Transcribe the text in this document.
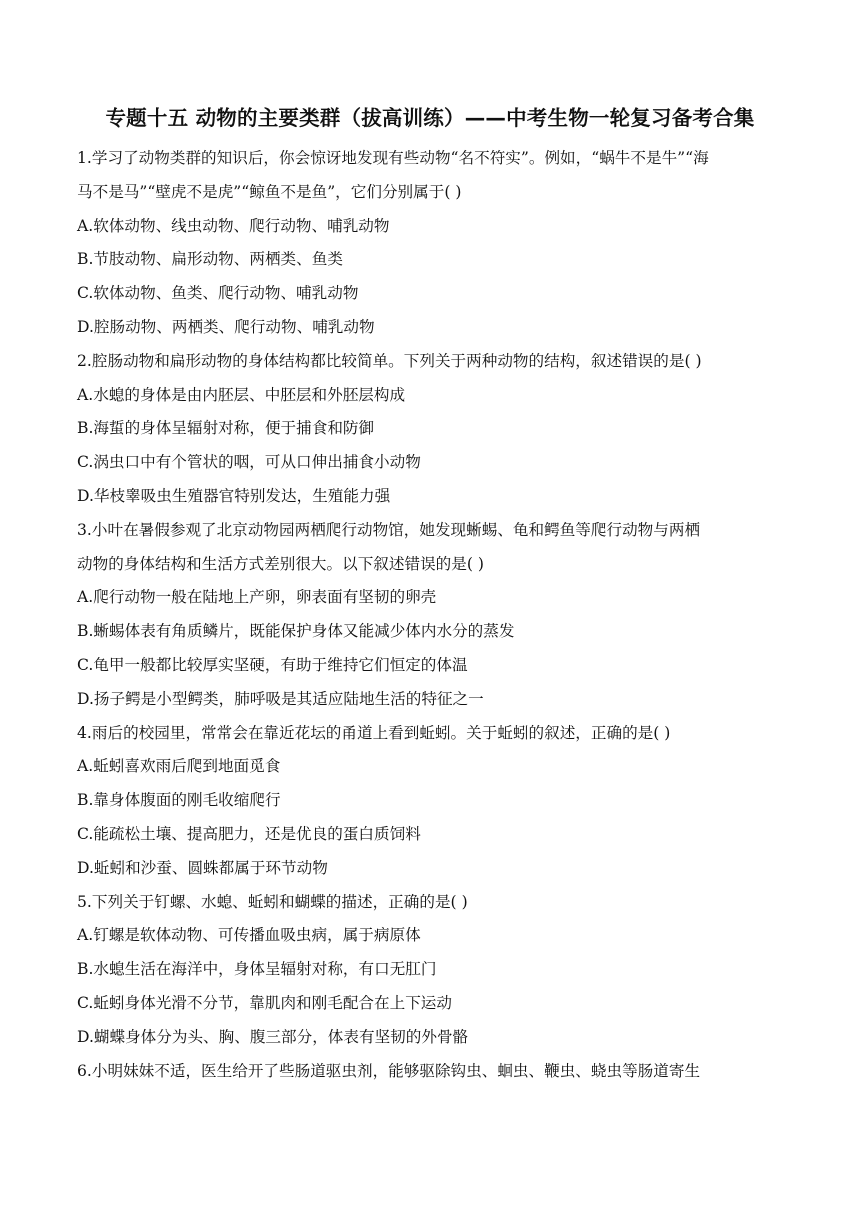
专题十五 动物的主要类群（拔高训练）——中考生物一轮复习备考合集
1.学习了动物类群的知识后，你会惊讶地发现有些动物“名不符实”。例如，“蜗牛不是牛”“海
马不是马”“壁虎不是虎”“鲸鱼不是鱼”，它们分别属于( )
A.软体动物、线虫动物、爬行动物、哺乳动物
B.节肢动物、扁形动物、两栖类、鱼类
C.软体动物、鱼类、爬行动物、哺乳动物
D.腔肠动物、两栖类、爬行动物、哺乳动物
2.腔肠动物和扁形动物的身体结构都比较简单。下列关于两种动物的结构，叙述错误的是( )
A.水螅的身体是由内胚层、中胚层和外胚层构成
B.海蜇的身体呈辐射对称，便于捕食和防御
C.涡虫口中有个管状的咽，可从口伸出捕食小动物
D.华枝睾吸虫生殖器官特别发达，生殖能力强
3.小叶在暑假参观了北京动物园两栖爬行动物馆，她发现蜥蜴、龟和鳄鱼等爬行动物与两栖
动物的身体结构和生活方式差别很大。以下叙述错误的是( )
A.爬行动物一般在陆地上产卵，卵表面有坚韧的卵壳
B.蜥蜴体表有角质鳞片，既能保护身体又能减少体内水分的蒸发
C.龟甲一般都比较厚实坚硬，有助于维持它们恒定的体温
D.扬子鳄是小型鳄类，肺呼吸是其适应陆地生活的特征之一
4.雨后的校园里，常常会在靠近花坛的甬道上看到蚯蚓。关于蚯蚓的叙述，正确的是( )
A.蚯蚓喜欢雨后爬到地面觅食
B.靠身体腹面的刚毛收缩爬行
C.能疏松土壤、提高肥力，还是优良的蛋白质饲料
D.蚯蚓和沙蚕、圆蛛都属于环节动物
5.下列关于钉螺、水螅、蚯蚓和蝴蝶的描述，正确的是( )
A.钉螺是软体动物、可传播血吸虫病，属于病原体
B.水螅生活在海洋中，身体呈辐射对称，有口无肛门
C.蚯蚓身体光滑不分节，靠肌肉和刚毛配合在上下运动
D.蝴蝶身体分为头、胸、腹三部分，体表有坚韧的外骨骼
6.小明妹妹不适，医生给开了些肠道驱虫剂，能够驱除钩虫、蛔虫、鞭虫、蛲虫等肠道寄生
